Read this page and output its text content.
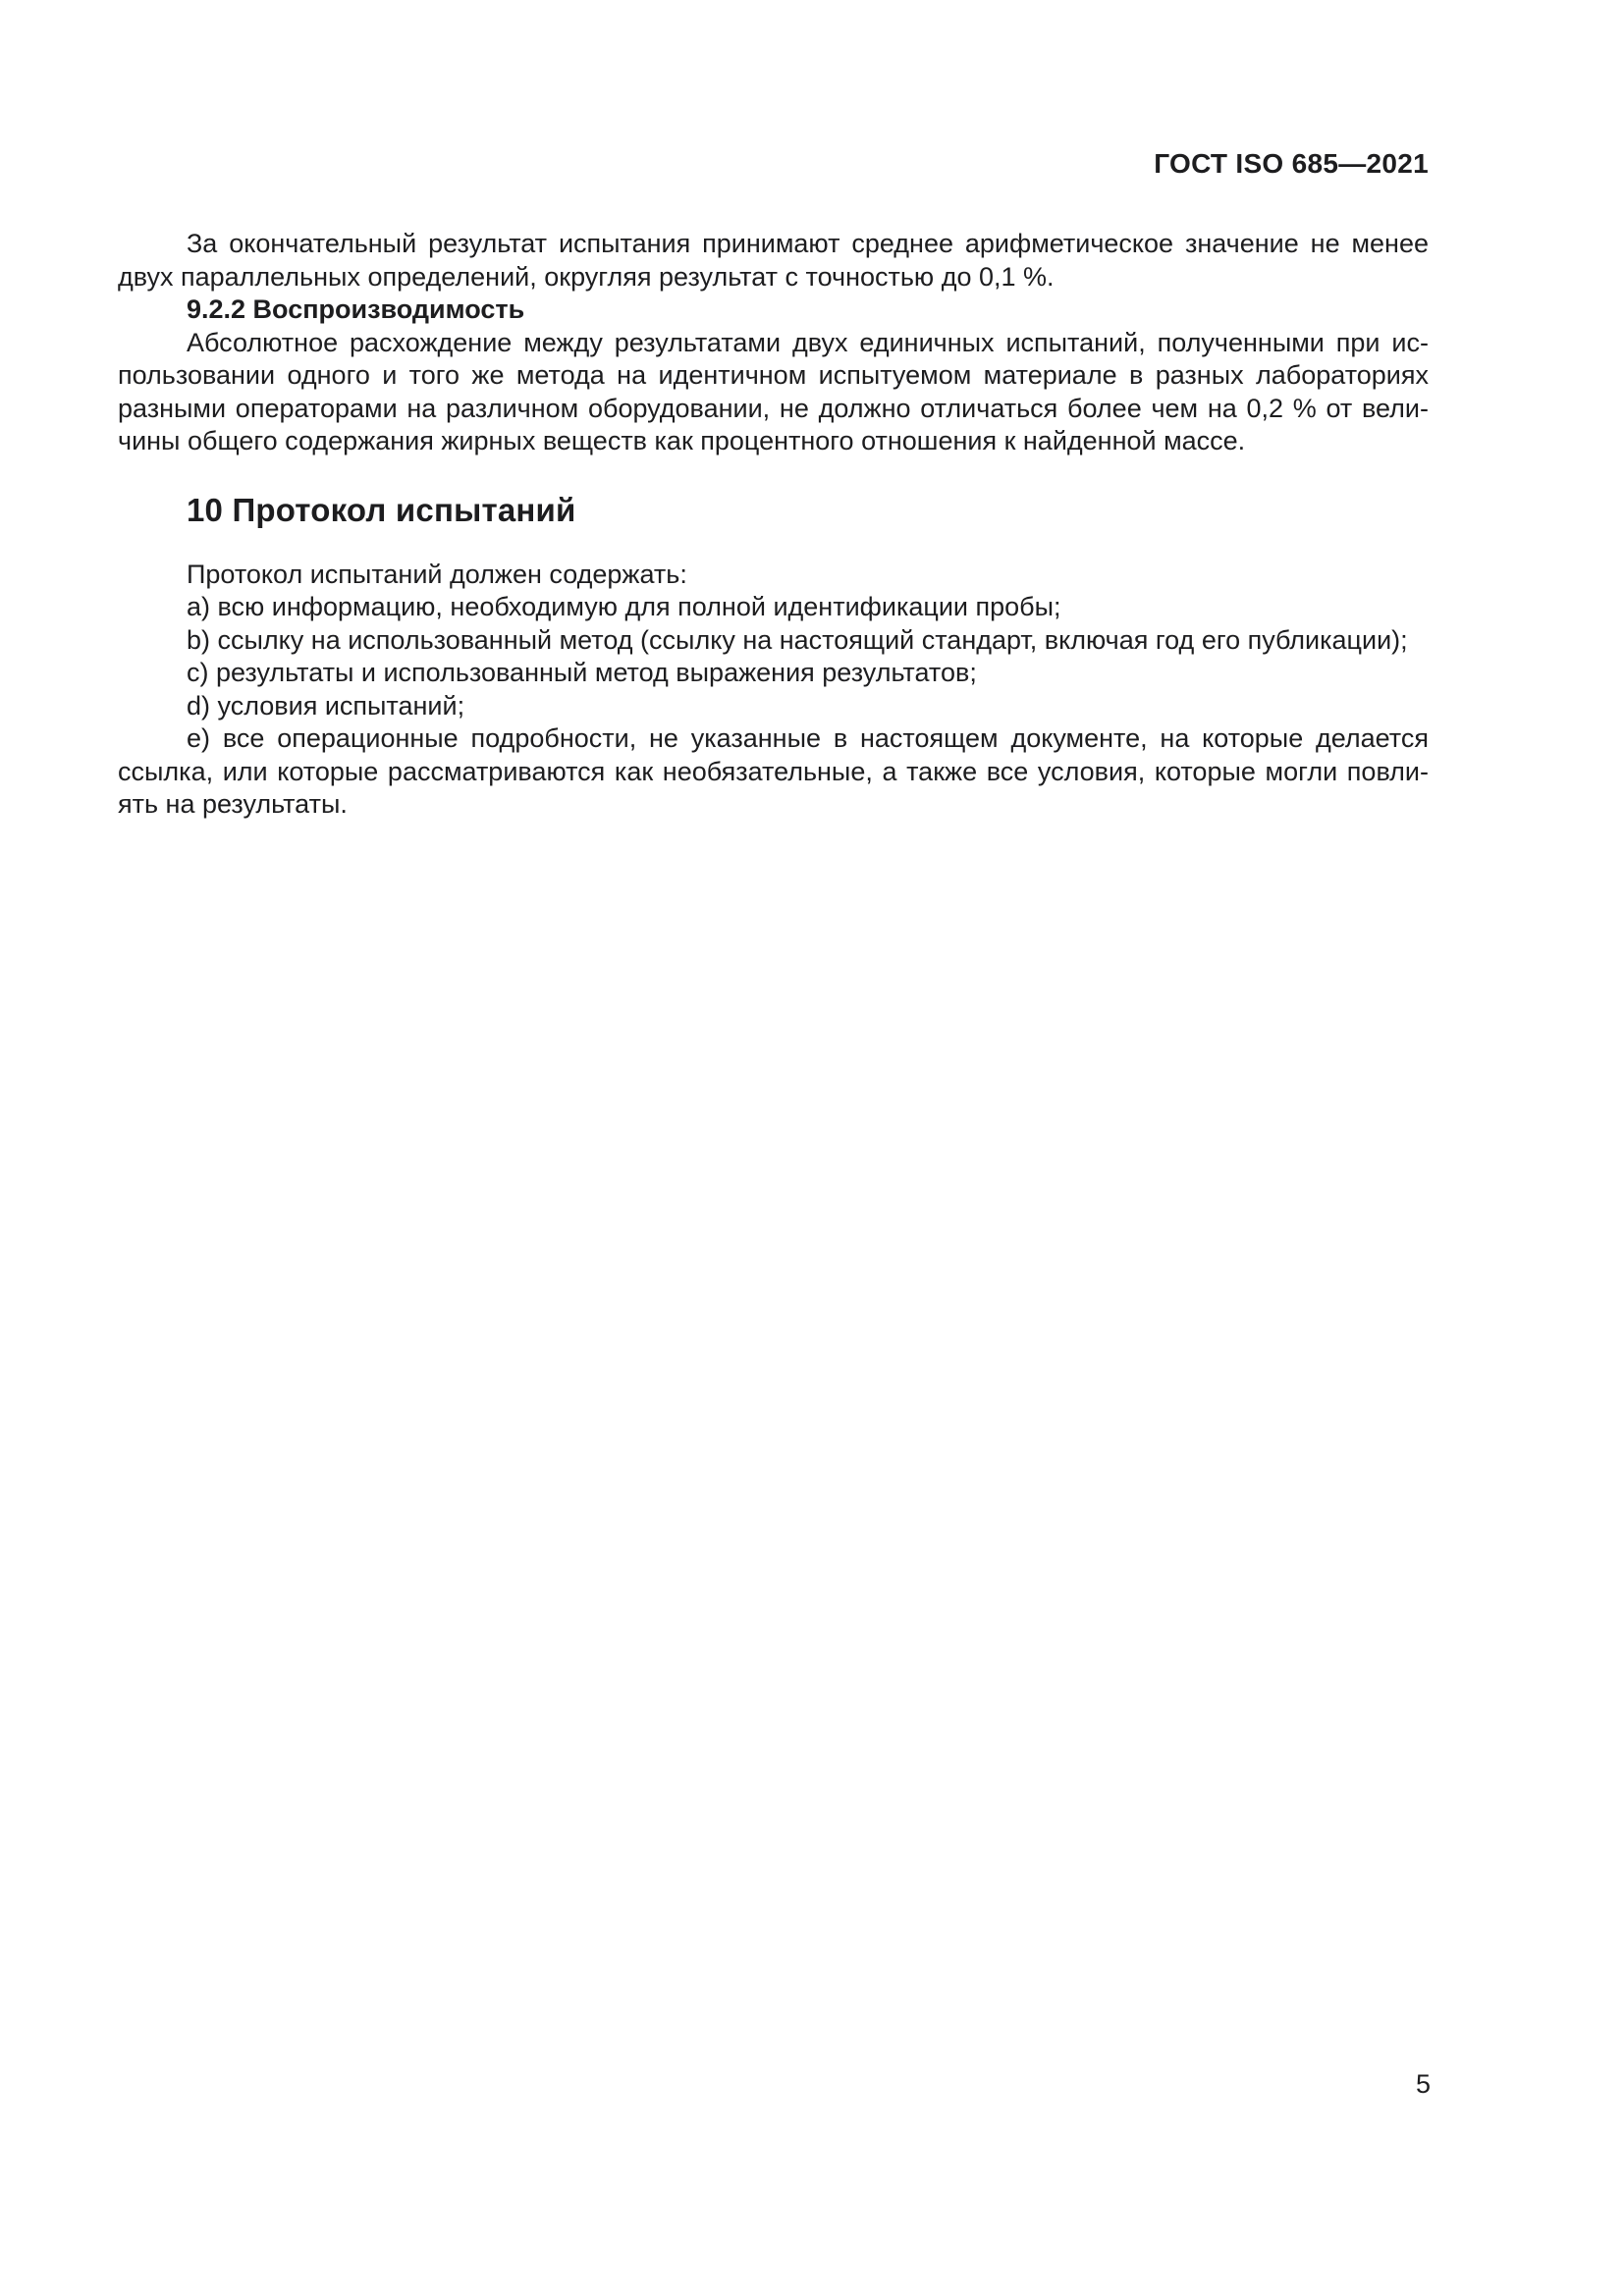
ГОСТ ISO 685—2021
За окончательный результат испытания принимают среднее арифметическое значение не менее
двух параллельных определений, округляя результат с точностью до 0,1 %.
9.2.2 Воспроизводимость
Абсолютное расхождение между результатами двух единичных испытаний, полученными при ис-
пользовании одного и того же метода на идентичном испытуемом материале в разных лабораториях
разными операторами на различном оборудовании, не должно отличаться более чем на 0,2 % от вели-
чины общего содержания жирных веществ как процентного отношения к найденной массе.
10 Протокол испытаний
Протокол испытаний должен содержать:
a) всю информацию, необходимую для полной идентификации пробы;
b) ссылку на использованный метод (ссылку на настоящий стандарт, включая год его публикации);
c) результаты и использованный метод выражения результатов;
d) условия испытаний;
е) все операционные подробности, не указанные в настоящем документе, на которые делается
ссылка, или которые рассматриваются как необязательные, а также все условия, которые могли повли-
ять на результаты.
5
